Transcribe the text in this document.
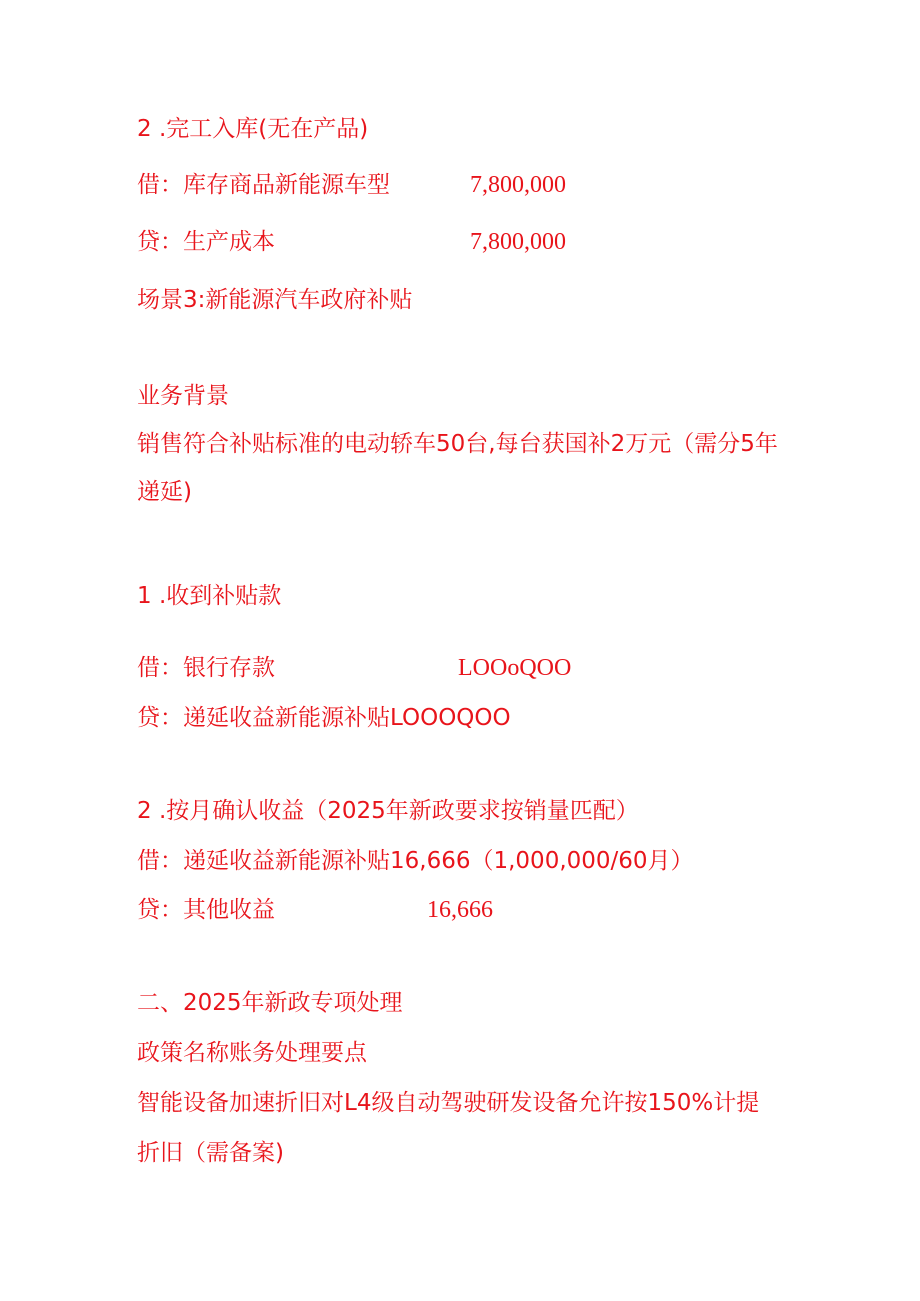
2 .完工入库(无在产品)
借：库存商品新能源车型	7,800,000
贷：生产成本	7,800,000
场景3:新能源汽车政府补贴
业务背景
销售符合补贴标准的电动轿车50台,每台获国补2万元（需分5年
递延)
1 .收到补贴款
借：银行存款	LOOoQOO
贷：递延收益新能源补贴LOOOQOO
2 .按月确认收益（2025年新政要求按销量匹配）
借：递延收益新能源补贴16,666（1,000,000/60月）
贷：其他收益	16,666
二、2025年新政专项处理
政策名称账务处理要点
智能设备加速折旧对L4级自动驾驶研发设备允许按150%计提
折旧（需备案)
